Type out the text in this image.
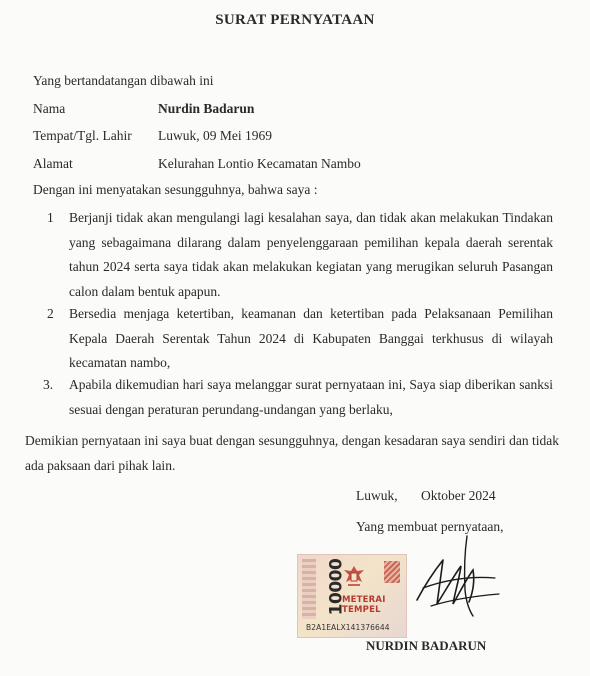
SURAT PERNYATAAN
Yang bertandatangan dibawah ini
Nama	Nurdin Badarun
Tempat/Tgl. Lahir Luwuk, 09 Mei 1969
Alamat	Kelurahan Lontio Kecamatan Nambo
Dengan ini menyatakan sesungguhnya, bahwa saya :
1	Berjanji tidak akan mengulangi lagi kesalahan saya, dan tidak akan melakukan Tindakan yang sebagaimana dilarang dalam penyelenggaraan pemilihan kepala daerah serentak tahun 2024 serta saya tidak akan melakukan kegiatan yang merugikan seluruh Pasangan calon dalam bentuk apapun.
2	Bersedia menjaga ketertiban, keamanan dan ketertiban pada Pelaksanaan Pemilihan Kepala Daerah Serentak Tahun 2024 di Kabupaten Banggai terkhusus di wilayah kecamatan nambo,
3.	Apabila dikemudian hari saya melanggar surat pernyataan ini, Saya siap diberikan sanksi sesuai dengan peraturan perundang-undangan yang berlaku,
Demikian pernyataan ini saya buat dengan sesungguhnya, dengan kesadaran saya sendiri dan tidak ada paksaan dari pihak lain.
Luwuk, Oktober 2024
Yang membuat pernyataan,
10000
METERAI
TEMPEL
B2A1EALX141376644
NURDIN BADARUN
